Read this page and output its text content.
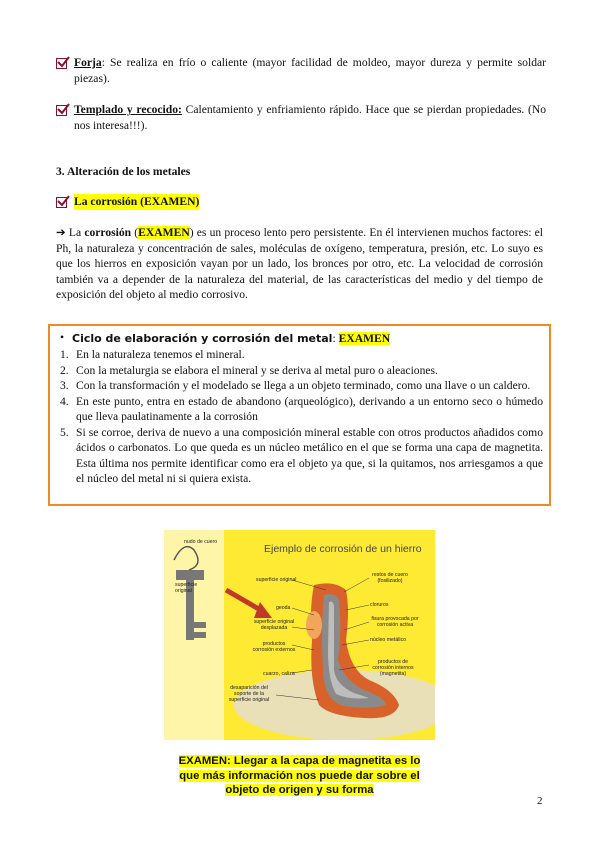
Forja: Se realiza en frío o caliente (mayor facilidad de moldeo, mayor dureza y permite soldar piezas).
Templado y recocido: Calentamiento y enfriamiento rápido. Hace que se pierdan propiedades. (No nos interesa!!!).
3. Alteración de los metales
La corrosión (EXAMEN)
➔ La corrosión (EXAMEN) es un proceso lento pero persistente. En él intervienen muchos factores: el Ph, la naturaleza y concentración de sales, moléculas de oxígeno, temperatura, presión, etc. Lo suyo es que los hierros en exposición vayan por un lado, los bronces por otro, etc. La velocidad de corrosión también va a depender de la naturaleza del material, de las características del medio y del tiempo de exposición del objeto al medio corrosivo.
• Ciclo de elaboración y corrosión del metal: EXAMEN
1. En la naturaleza tenemos el mineral.
2. Con la metalurgia se elabora el mineral y se deriva al metal puro o aleaciones.
3. Con la transformación y el modelado se llega a un objeto terminado, como una llave o un caldero.
4. En este punto, entra en estado de abandono (arqueológico), derivando a un entorno seco o húmedo que lleva paulatinamente a la corrosión
5. Si se corroe, deriva de nuevo a una composición mineral estable con otros productos añadidos como ácidos o carbonatos. Lo que queda es un núcleo metálico en el que se forma una capa de magnetita. Esta última nos permite identificar como era el objeto ya que, si la quitamos, nos arriesgamos a que el núcleo del metal ni si quiera exista.
Ejemplo de corrosión de un hierro
nudo de cuero
superficie original
superficie original
geoda
superficie original desplazada
productos corrosión externos
cuarzo, caliza
desaparición del soporte de la superficie original
restos de cuero (fosilizado)
cloruros
fisura provocada por corrosión activa
núcleo metálico
productos de corrosión internos (magnetita)
EXAMEN: Llegar a la capa de magnetita es lo
que más información nos puede dar sobre el
objeto de origen y su forma
2
